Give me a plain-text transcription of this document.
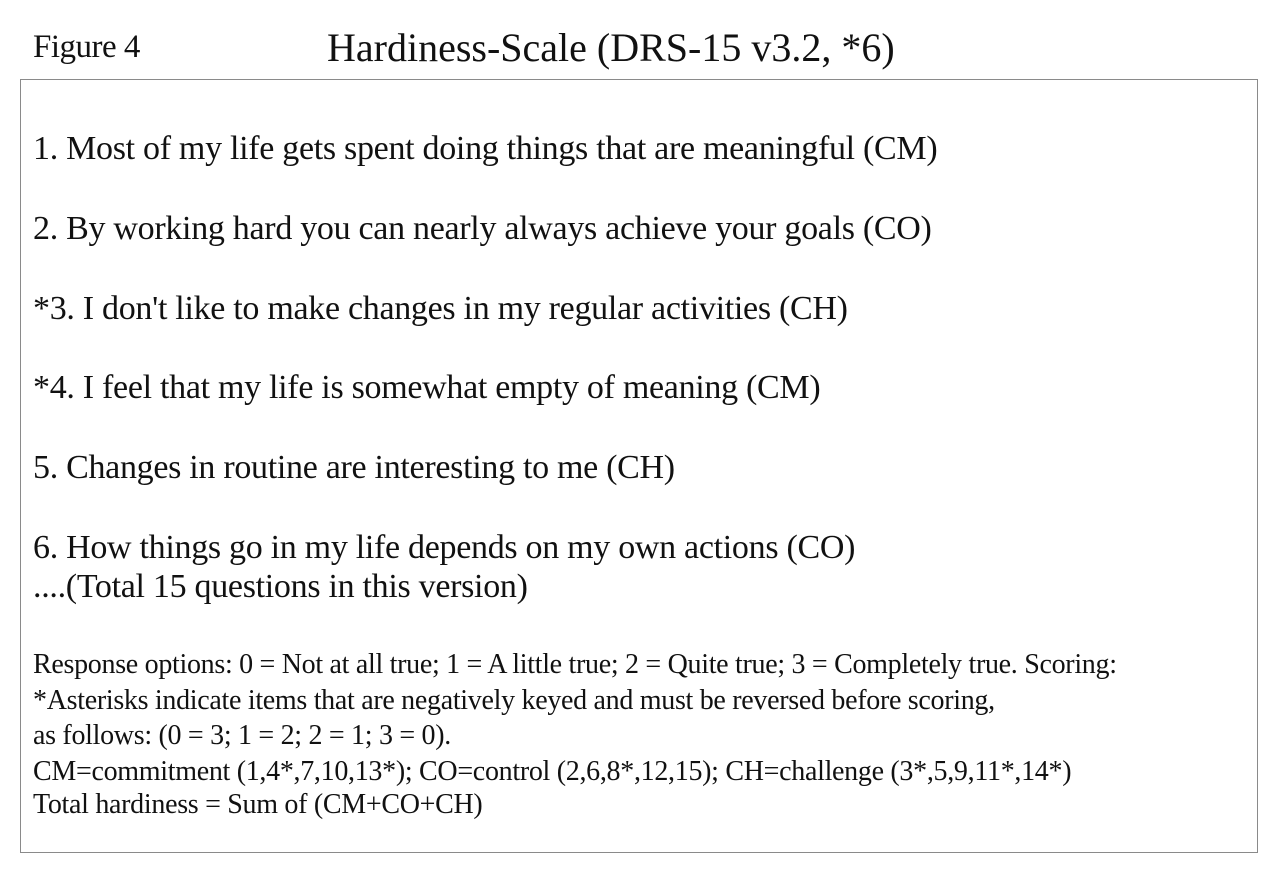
Figure 4	Hardiness-Scale (DRS-15 v3.2, *6)
1. Most of my life gets spent doing things that are meaningful (CM)
2. By working hard you can nearly always achieve your goals (CO)
*3. I don't like to make changes in my regular activities (CH)
*4. I feel that my life is somewhat empty of meaning (CM)
5. Changes in routine are interesting to me (CH)
6. How things go in my life depends on my own actions (CO)
....(Total 15 questions in this version)
Response options: 0 = Not at all true; 1 = A little true; 2 = Quite true; 3 = Completely true. Scoring:
*Asterisks indicate items that are negatively keyed and must be reversed before scoring,
as follows: (0 = 3; 1 = 2; 2 = 1; 3 = 0).
CM=commitment (1,4*,7,10,13*); CO=control (2,6,8*,12,15); CH=challenge (3*,5,9,11*,14*)
Total hardiness = Sum of (CM+CO+CH)
